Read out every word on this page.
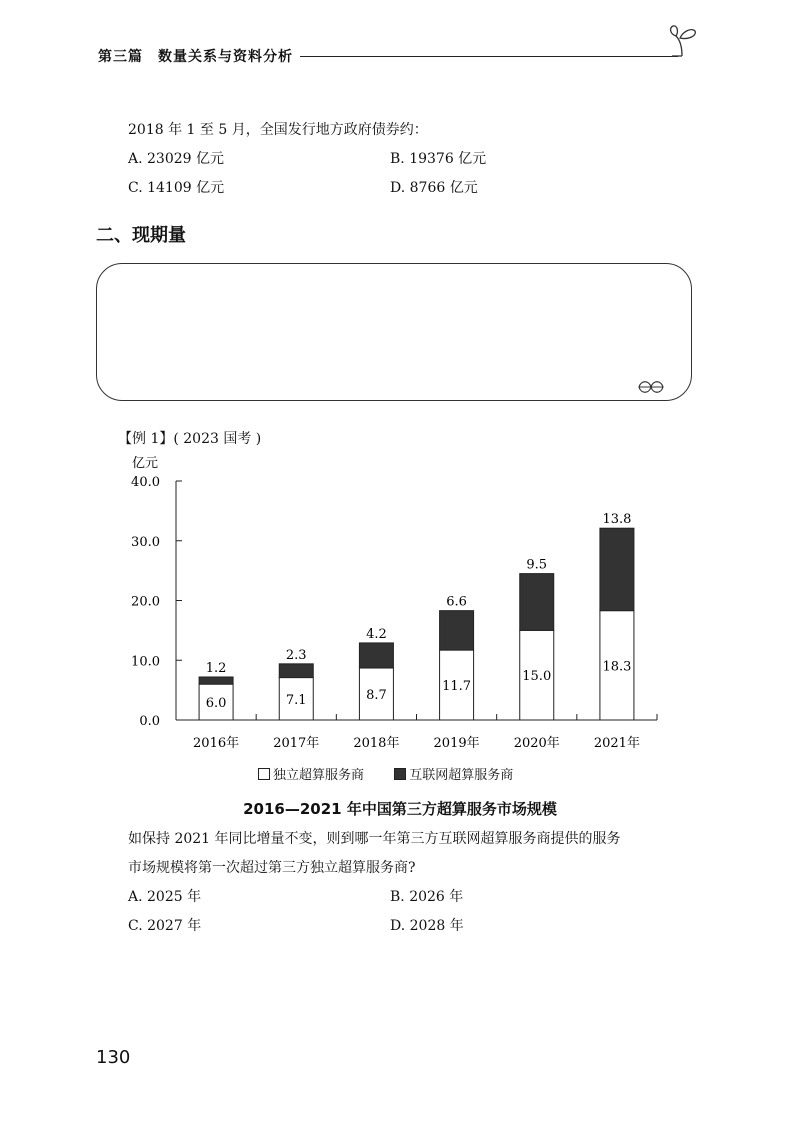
第三篇　数量关系与资料分析
2018 年 1 至 5 月，全国发行地方政府债券约：
A. 23029 亿元	B. 19376 亿元
C. 14109 亿元	D. 8766 亿元
二、现期量
【例 1】( 2023 国考 )
亿元
0.0
10.0
20.0
30.0
40.0
2016年	2017年	2018年	2019年	2020年	2021年
6.0
1.2
7.1
2.3
8.7
4.2
11.7
6.6
15.0
9.5
18.3
13.8
独立超算服务商	互联网超算服务商
2016—2021 年中国第三方超算服务市场规模
如保持 2021 年同比增量不变，则到哪一年第三方互联网超算服务商提供的服务
市场规模将第一次超过第三方独立超算服务商?
A. 2025 年	B. 2026 年
C. 2027 年	D. 2028 年
130
